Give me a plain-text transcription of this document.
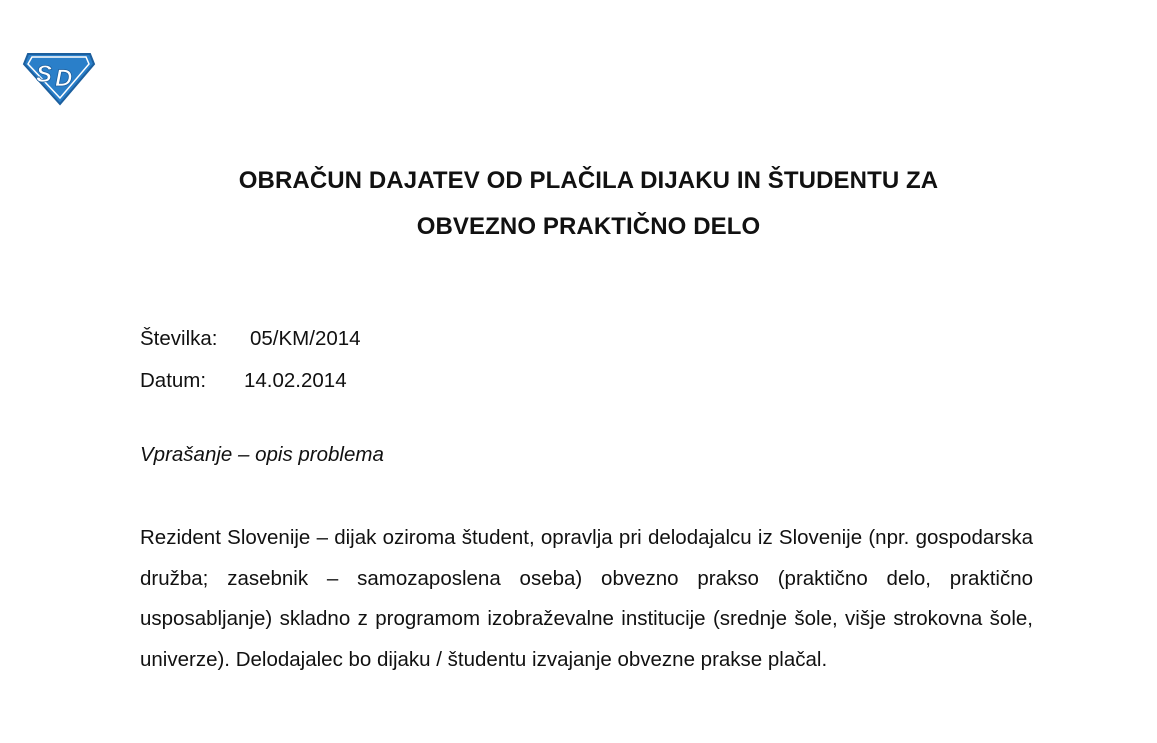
S D

OBRAČUN DAJATEV OD PLAČILA DIJAKU IN ŠTUDENTU ZA

OBVEZNO PRAKTIČNO DELO

Številka:	05/KM/2014
Datum:	14.02.2014
Vprašanje – opis problema

Rezident Slovenije – dijak oziroma študent, opravlja pri delodajalcu iz Slovenije (npr. gospodarska družba; zasebnik – samozaposlena oseba) obvezno prakso (praktično delo, praktično usposabljanje) skladno z programom izobraževalne institucije (srednje šole, višje strokovna šole, univerze). Delodajalec bo dijaku / študentu izvajanje obvezne prakse plačal.
